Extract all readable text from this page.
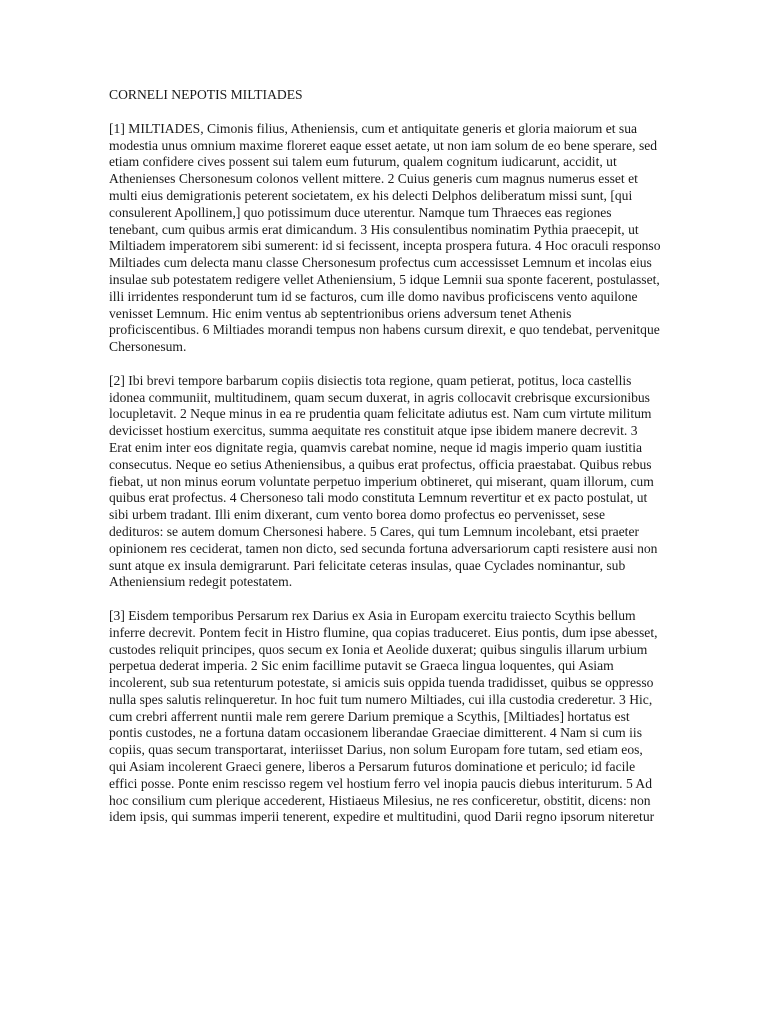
CORNELI NEPOTIS MILTIADES

[1] MILTIADES, Cimonis filius, Atheniensis, cum et antiquitate generis et gloria maiorum et sua modestia unus omnium maxime floreret eaque esset aetate, ut non iam solum de eo bene sperare, sed etiam confidere cives possent sui talem eum futurum, qualem cognitum iudicarunt, accidit, ut Athenienses Chersonesum colonos vellent mittere. 2 Cuius generis cum magnus numerus esset et multi eius demigrationis peterent societatem, ex his delecti Delphos deliberatum missi sunt, [qui consulerent Apollinem,] quo potissimum duce uterentur. Namque tum Thraeces eas regiones tenebant, cum quibus armis erat dimicandum. 3 His consulentibus nominatim Pythia praecepit, ut Miltiadem imperatorem sibi sumerent: id si fecissent, incepta prospera futura. 4 Hoc oraculi responso Miltiades cum delecta manu classe Chersonesum profectus cum accessisset Lemnum et incolas eius insulae sub potestatem redigere vellet Atheniensium, 5 idque Lemnii sua sponte facerent, postulasset, illi irridentes responderunt tum id se facturos, cum ille domo navibus proficiscens vento aquilone venisset Lemnum. Hic enim ventus ab septentrionibus oriens adversum tenet Athenis proficiscentibus. 6 Miltiades morandi tempus non habens cursum direxit, e quo tendebat, pervenitque Chersonesum.

[2] Ibi brevi tempore barbarum copiis disiectis tota regione, quam petierat, potitus, loca castellis idonea communiit, multitudinem, quam secum duxerat, in agris collocavit crebrisque excursionibus locupletavit. 2 Neque minus in ea re prudentia quam felicitate adiutus est. Nam cum virtute militum devicisset hostium exercitus, summa aequitate res constituit atque ipse ibidem manere decrevit. 3 Erat enim inter eos dignitate regia, quamvis carebat nomine, neque id magis imperio quam iustitia consecutus. Neque eo setius Atheniensibus, a quibus erat profectus, officia praestabat. Quibus rebus fiebat, ut non minus eorum voluntate perpetuo imperium obtineret, qui miserant, quam illorum, cum quibus erat profectus. 4 Chersoneso tali modo constituta Lemnum revertitur et ex pacto postulat, ut sibi urbem tradant. Illi enim dixerant, cum vento borea domo profectus eo pervenisset, sese dedituros: se autem domum Chersonesi habere. 5 Cares, qui tum Lemnum incolebant, etsi praeter opinionem res ceciderat, tamen non dicto, sed secunda fortuna adversariorum capti resistere ausi non sunt atque ex insula demigrarunt. Pari felicitate ceteras insulas, quae Cyclades nominantur, sub Atheniensium redegit potestatem.

[3] Eisdem temporibus Persarum rex Darius ex Asia in Europam exercitu traiecto Scythis bellum inferre decrevit. Pontem fecit in Histro flumine, qua copias traduceret. Eius pontis, dum ipse abesset, custodes reliquit principes, quos secum ex Ionia et Aeolide duxerat; quibus singulis illarum urbium perpetua dederat imperia. 2 Sic enim facillime putavit se Graeca lingua loquentes, qui Asiam incolerent, sub sua retenturum potestate, si amicis suis oppida tuenda tradidisset, quibus se oppresso nulla spes salutis relinqueretur. In hoc fuit tum numero Miltiades, cui illa custodia crederetur. 3 Hic, cum crebri afferrent nuntii male rem gerere Darium premique a Scythis, [Miltiades] hortatus est pontis custodes, ne a fortuna datam occasionem liberandae Graeciae dimitterent. 4 Nam si cum iis copiis, quas secum transportarat, interiisset Darius, non solum Europam fore tutam, sed etiam eos, qui Asiam incolerent Graeci genere, liberos a Persarum futuros dominatione et periculo; id facile effici posse. Ponte enim rescisso regem vel hostium ferro vel inopia paucis diebus interiturum. 5 Ad hoc consilium cum plerique accederent, Histiaeus Milesius, ne res conficeretur, obstitit, dicens: non idem ipsis, qui summas imperii tenerent, expedire et multitudini, quod Darii regno ipsorum niteretur
